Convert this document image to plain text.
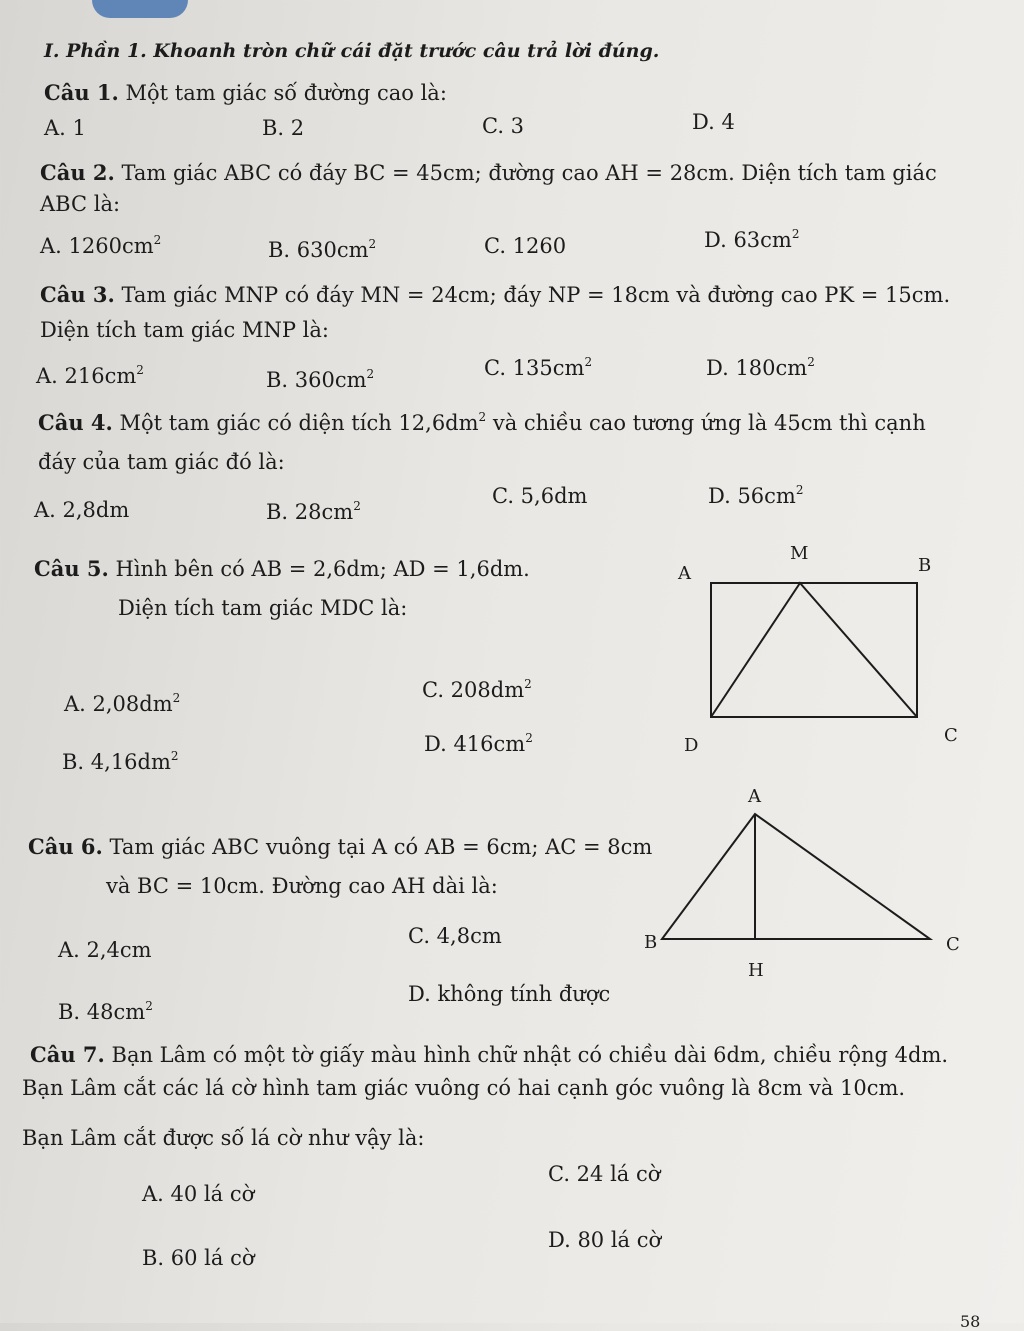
I. Phần 1. Khoanh tròn chữ cái đặt trước câu trả lời đúng.
Câu 1. Một tam giác số đường cao là:
A. 1	B. 2	C. 3	D. 4
Câu 2. Tam giác ABC có đáy BC = 45cm; đường cao AH = 28cm. Diện tích tam giác
ABC là:
A. $1260cm^2$	B. $630cm^2$	C. 1260	D. $63cm^2$
Câu 3. Tam giác MNP có đáy MN = 24cm; đáy NP = 18cm và đường cao PK = 15cm.
Diện tích tam giác MNP là:
A. $216cm^2$	B. $360cm^2$	C. $135cm^2$	D. $180cm^2$
Câu 4. Một tam giác có diện tích $12,6dm^2$ và chiều cao tương ứng là 45cm thì cạnh
đáy của tam giác đó là:
A. 2,8dm	B. $28cm^2$	C. 5,6dm	D. $56cm^2$
Câu 5. Hình bên có AB = 2,6dm; AD = 1,6dm.
Diện tích tam giác MDC là:
A. $2,08dm^2$	C. $208dm^2$
B. $4,16dm^2$	D. $416cm^2$
A
M
B
C
D
Câu 6. Tam giác ABC vuông tại A có AB = 6cm; AC = 8cm
và BC = 10cm. Đường cao AH dài là:
A. 2,4cm
C. 4,8cm
B. $48cm^2$	D. không tính được
A
B	C
H
Câu 7. Bạn Lâm có một tờ giấy màu hình chữ nhật có chiều dài 6dm, chiều rộng 4dm.
Bạn Lâm cắt các lá cờ hình tam giác vuông có hai cạnh góc vuông là 8cm và 10cm.
Bạn Lâm cắt được số lá cờ như vậy là:
A. 40 lá cờ
C. 24 lá cờ
B. 60 lá cờ
D. 80 lá cờ
58
